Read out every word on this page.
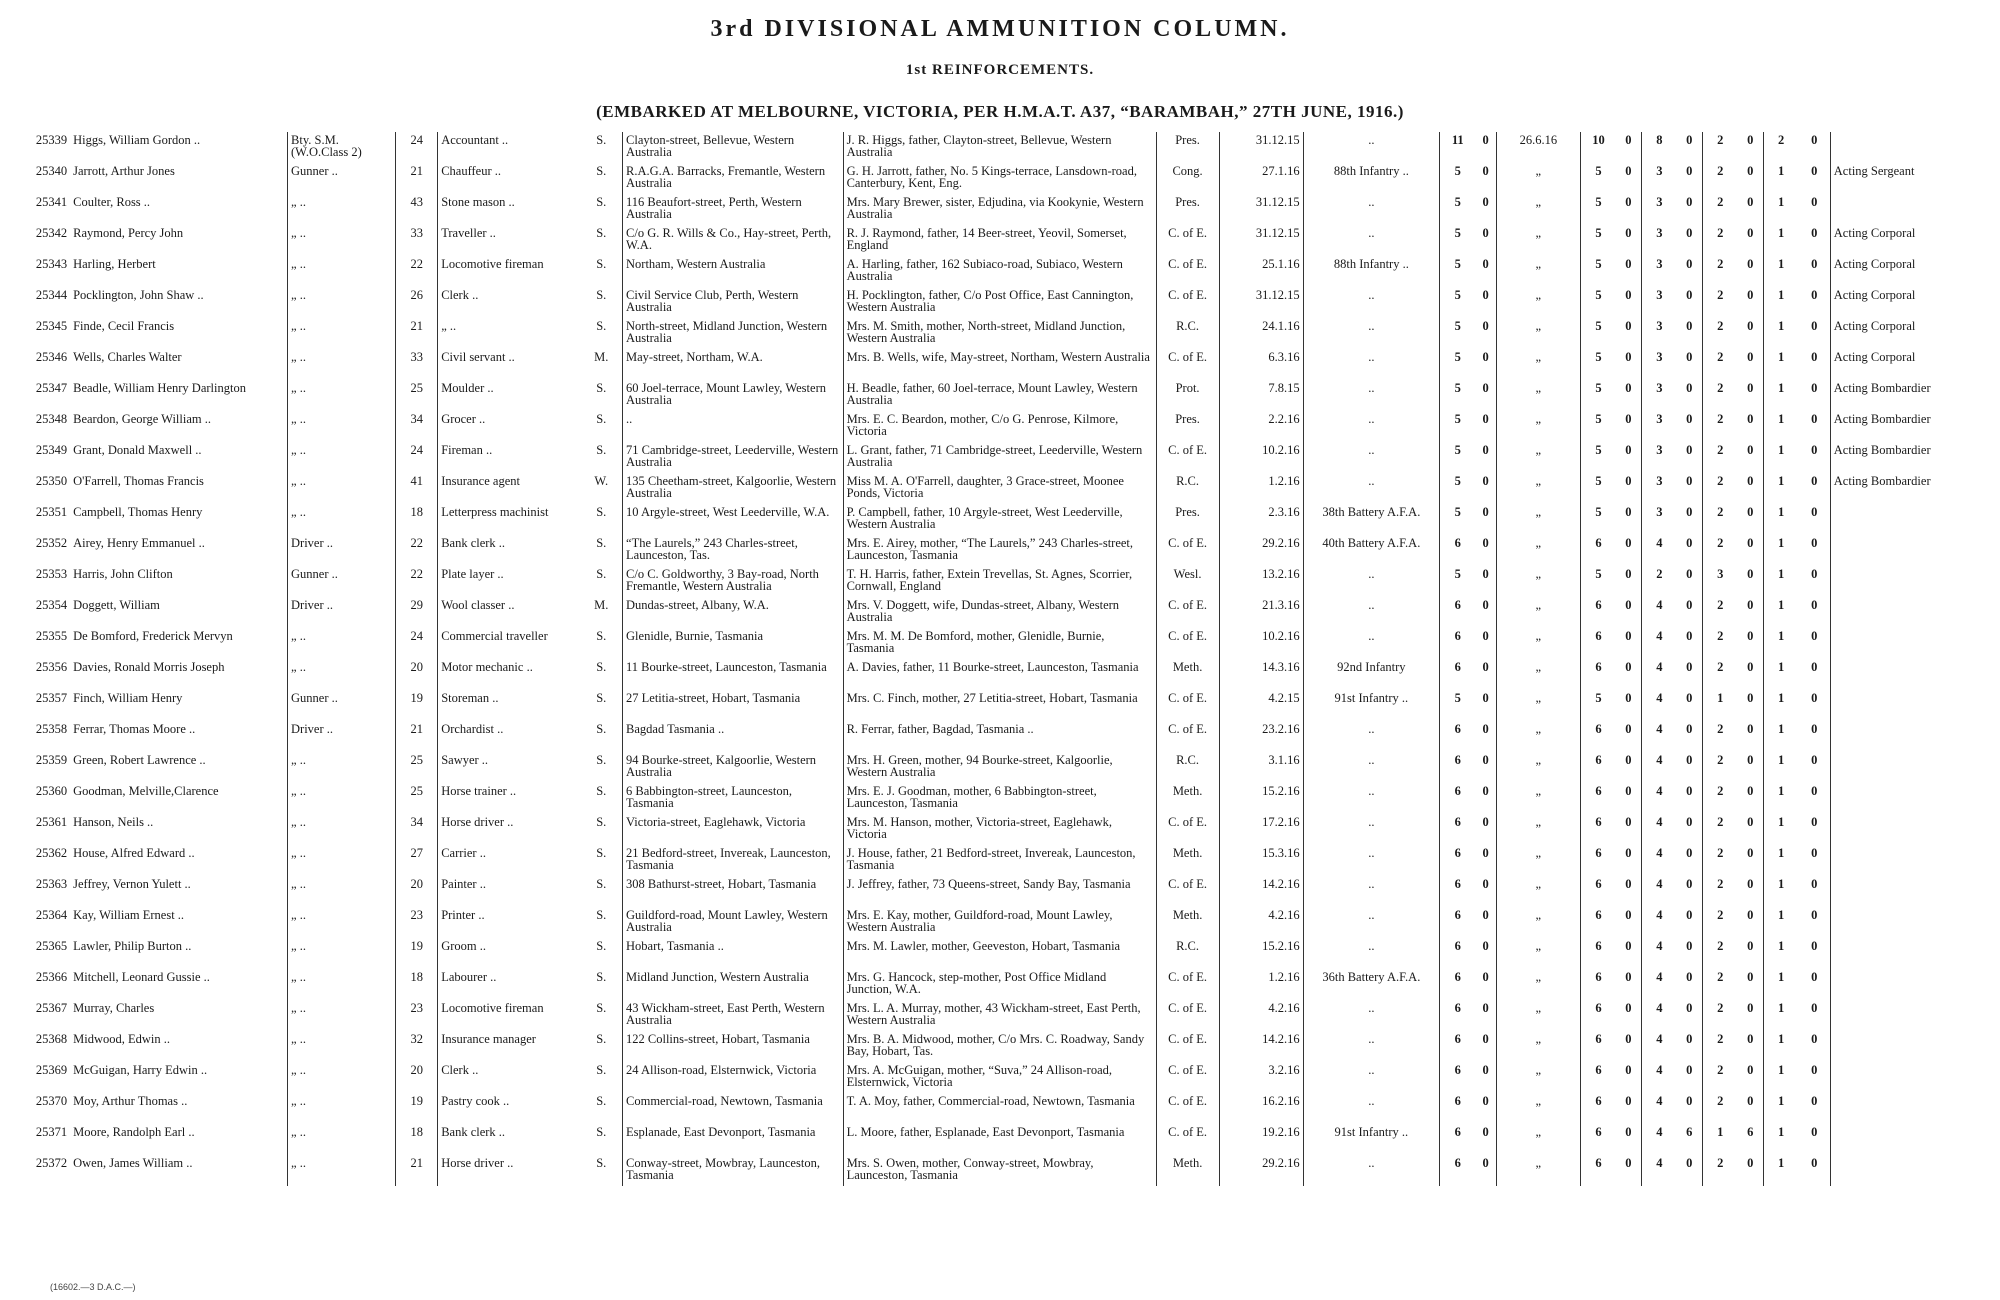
3rd DIVISIONAL AMMUNITION COLUMN.
1st REINFORCEMENTS.
(EMBARKED AT MELBOURNE, VICTORIA, PER H.M.A.T. A37, “BARAMBAH,” 27TH JUNE, 1916.)
25339	Higgs, William Gordon ..	Bty. S.M. (W.O.Class 2)	24	Accountant ..	S.	Clayton-street, Bellevue, Western Australia	J. R. Higgs, father, Clayton-street, Bellevue, Western Australia	Pres.	31.12.15	..	11	0	26.6.16	10	0	8	0	2	0	2	0	
25340	Jarrott, Arthur Jones	Gunner ..	21	Chauffeur ..	S.	R.A.G.A. Barracks, Fremantle, Western Australia	G. H. Jarrott, father, No. 5 Kings-terrace, Lansdown-road, Canterbury, Kent, Eng.	Cong.	27.1.16	88th Infantry ..	5	0	„	5	0	3	0	2	0	1	0	Acting Sergeant
25341	Coulter, Ross ..	„ ..	43	Stone mason ..	S.	116 Beaufort-street, Perth, Western Australia	Mrs. Mary Brewer, sister, Edjudina, via Kookynie, Western Australia	Pres.	31.12.15	..	5	0	„	5	0	3	0	2	0	1	0	
25342	Raymond, Percy John	„ ..	33	Traveller ..	S.	C/o G. R. Wills & Co., Hay-street, Perth, W.A.	R. J. Raymond, father, 14 Beer-street, Yeovil, Somerset, England	C. of E.	31.12.15	..	5	0	„	5	0	3	0	2	0	1	0	Acting Corporal
25343	Harling, Herbert	„ ..	22	Locomotive fireman	S.	Northam, Western Australia	A. Harling, father, 162 Subiaco-road, Subiaco, Western Australia	C. of E.	25.1.16	88th Infantry ..	5	0	„	5	0	3	0	2	0	1	0	Acting Corporal
25344	Pocklington, John Shaw ..	„ ..	26	Clerk ..	S.	Civil Service Club, Perth, Western Australia	H. Pocklington, father, C/o Post Office, East Cannington, Western Australia	C. of E.	31.12.15	..	5	0	„	5	0	3	0	2	0	1	0	Acting Corporal
25345	Finde, Cecil Francis	„ ..	21	„ ..	S.	North-street, Midland Junction, Western Australia	Mrs. M. Smith, mother, North-street, Midland Junction, Western Australia	R.C.	24.1.16	..	5	0	„	5	0	3	0	2	0	1	0	Acting Corporal
25346	Wells, Charles Walter	„ ..	33	Civil servant ..	M.	May-street, Northam, W.A.	Mrs. B. Wells, wife, May-street, Northam, Western Australia	C. of E.	6.3.16	..	5	0	„	5	0	3	0	2	0	1	0	Acting Corporal
25347	Beadle, William Henry Darlington	„ ..	25	Moulder ..	S.	60 Joel-terrace, Mount Lawley, Western Australia	H. Beadle, father, 60 Joel-terrace, Mount Lawley, Western Australia	Prot.	7.8.15	..	5	0	„	5	0	3	0	2	0	1	0	Acting Bombardier
25348	Beardon, George William ..	„ ..	34	Grocer ..	S.	..	Mrs. E. C. Beardon, mother, C/o G. Penrose, Kilmore, Victoria	Pres.	2.2.16	..	5	0	„	5	0	3	0	2	0	1	0	Acting Bombardier
25349	Grant, Donald Maxwell ..	„ ..	24	Fireman ..	S.	71 Cambridge-street, Leederville, Western Australia	L. Grant, father, 71 Cambridge-street, Leederville, Western Australia	C. of E.	10.2.16	..	5	0	„	5	0	3	0	2	0	1	0	Acting Bombardier
25350	O'Farrell, Thomas Francis	„ ..	41	Insurance agent	W.	135 Cheetham-street, Kalgoorlie, Western Australia	Miss M. A. O'Farrell, daughter, 3 Grace-street, Moonee Ponds, Victoria	R.C.	1.2.16	..	5	0	„	5	0	3	0	2	0	1	0	Acting Bombardier
25351	Campbell, Thomas Henry	„ ..	18	Letterpress machinist	S.	10 Argyle-street, West Leederville, W.A.	P. Campbell, father, 10 Argyle-street, West Leederville, Western Australia	Pres.	2.3.16	38th Battery A.F.A.	5	0	„	5	0	3	0	2	0	1	0	
25352	Airey, Henry Emmanuel ..	Driver ..	22	Bank clerk ..	S.	“The Laurels,” 243 Charles-street, Launceston, Tas.	Mrs. E. Airey, mother, “The Laurels,” 243 Charles-street, Launceston, Tasmania	C. of E.	29.2.16	40th Battery A.F.A.	6	0	„	6	0	4	0	2	0	1	0	
25353	Harris, John Clifton	Gunner ..	22	Plate layer ..	S.	C/o C. Goldworthy, 3 Bay-road, North Fremantle, Western Australia	T. H. Harris, father, Extein Trevellas, St. Agnes, Scorrier, Cornwall, England	Wesl.	13.2.16	..	5	0	„	5	0	2	0	3	0	1	0	
25354	Doggett, William	Driver ..	29	Wool classer ..	M.	Dundas-street, Albany, W.A.	Mrs. V. Doggett, wife, Dundas-street, Albany, Western Australia	C. of E.	21.3.16	..	6	0	„	6	0	4	0	2	0	1	0	
25355	De Bomford, Frederick Mervyn	„ ..	24	Commercial traveller	S.	Glenidle, Burnie, Tasmania	Mrs. M. M. De Bomford, mother, Glenidle, Burnie, Tasmania	C. of E.	10.2.16	..	6	0	„	6	0	4	0	2	0	1	0	
25356	Davies, Ronald Morris Joseph	„ ..	20	Motor mechanic ..	S.	11 Bourke-street, Launceston, Tasmania	A. Davies, father, 11 Bourke-street, Launceston, Tasmania	Meth.	14.3.16	92nd Infantry	6	0	„	6	0	4	0	2	0	1	0	
25357	Finch, William Henry	Gunner ..	19	Storeman ..	S.	27 Letitia-street, Hobart, Tasmania	Mrs. C. Finch, mother, 27 Letitia-street, Hobart, Tasmania	C. of E.	4.2.15	91st Infantry ..	5	0	„	5	0	4	0	1	0	1	0	
25358	Ferrar, Thomas Moore ..	Driver ..	21	Orchardist ..	S.	Bagdad Tasmania ..	R. Ferrar, father, Bagdad, Tasmania ..	C. of E.	23.2.16	..	6	0	„	6	0	4	0	2	0	1	0	
25359	Green, Robert Lawrence ..	„ ..	25	Sawyer ..	S.	94 Bourke-street, Kalgoorlie, Western Australia	Mrs. H. Green, mother, 94 Bourke-street, Kalgoorlie, Western Australia	R.C.	3.1.16	..	6	0	„	6	0	4	0	2	0	1	0	
25360	Goodman, Melville,Clarence	„ ..	25	Horse trainer ..	S.	6 Babbington-street, Launceston, Tasmania	Mrs. E. J. Goodman, mother, 6 Babbington-street, Launceston, Tasmania	Meth.	15.2.16	..	6	0	„	6	0	4	0	2	0	1	0	
25361	Hanson, Neils ..	„ ..	34	Horse driver ..	S.	Victoria-street, Eaglehawk, Victoria	Mrs. M. Hanson, mother, Victoria-street, Eaglehawk, Victoria	C. of E.	17.2.16	..	6	0	„	6	0	4	0	2	0	1	0	
25362	House, Alfred Edward ..	„ ..	27	Carrier ..	S.	21 Bedford-street, Invereak, Launceston, Tasmania	J. House, father, 21 Bedford-street, Invereak, Launceston, Tasmania	Meth.	15.3.16	..	6	0	„	6	0	4	0	2	0	1	0	
25363	Jeffrey, Vernon Yulett ..	„ ..	20	Painter ..	S.	308 Bathurst-street, Hobart, Tasmania	J. Jeffrey, father, 73 Queens-street, Sandy Bay, Tasmania	C. of E.	14.2.16	..	6	0	„	6	0	4	0	2	0	1	0	
25364	Kay, William Ernest ..	„ ..	23	Printer ..	S.	Guildford-road, Mount Lawley, Western Australia	Mrs. E. Kay, mother, Guildford-road, Mount Lawley, Western Australia	Meth.	4.2.16	..	6	0	„	6	0	4	0	2	0	1	0	
25365	Lawler, Philip Burton ..	„ ..	19	Groom ..	S.	Hobart, Tasmania ..	Mrs. M. Lawler, mother, Geeveston, Hobart, Tasmania	R.C.	15.2.16	..	6	0	„	6	0	4	0	2	0	1	0	
25366	Mitchell, Leonard Gussie ..	„ ..	18	Labourer ..	S.	Midland Junction, Western Australia	Mrs. G. Hancock, step-mother, Post Office Midland Junction, W.A.	C. of E.	1.2.16	36th Battery A.F.A.	6	0	„	6	0	4	0	2	0	1	0	
25367	Murray, Charles	„ ..	23	Locomotive fireman	S.	43 Wickham-street, East Perth, Western Australia	Mrs. L. A. Murray, mother, 43 Wickham-street, East Perth, Western Australia	C. of E.	4.2.16	..	6	0	„	6	0	4	0	2	0	1	0	
25368	Midwood, Edwin ..	„ ..	32	Insurance manager	S.	122 Collins-street, Hobart, Tasmania	Mrs. B. A. Midwood, mother, C/o Mrs. C. Roadway, Sandy Bay, Hobart, Tas.	C. of E.	14.2.16	..	6	0	„	6	0	4	0	2	0	1	0	
25369	McGuigan, Harry Edwin ..	„ ..	20	Clerk ..	S.	24 Allison-road, Elsternwick, Victoria	Mrs. A. McGuigan, mother, “Suva,” 24 Allison-road, Elsternwick, Victoria	C. of E.	3.2.16	..	6	0	„	6	0	4	0	2	0	1	0	
25370	Moy, Arthur Thomas ..	„ ..	19	Pastry cook ..	S.	Commercial-road, Newtown, Tasmania	T. A. Moy, father, Commercial-road, Newtown, Tasmania	C. of E.	16.2.16	..	6	0	„	6	0	4	0	2	0	1	0	
25371	Moore, Randolph Earl ..	„ ..	18	Bank clerk ..	S.	Esplanade, East Devonport, Tasmania	L. Moore, father, Esplanade, East Devonport, Tasmania	C. of E.	19.2.16	91st Infantry ..	6	0	„	6	0	4	6	1	6	1	0	
25372	Owen, James William ..	„ ..	21	Horse driver ..	S.	Conway-street, Mowbray, Launceston, Tasmania	Mrs. S. Owen, mother, Conway-street, Mowbray, Launceston, Tasmania	Meth.	29.2.16	..	6	0	„	6	0	4	0	2	0	1	0	
(16602.—3 D.A.C.—)
